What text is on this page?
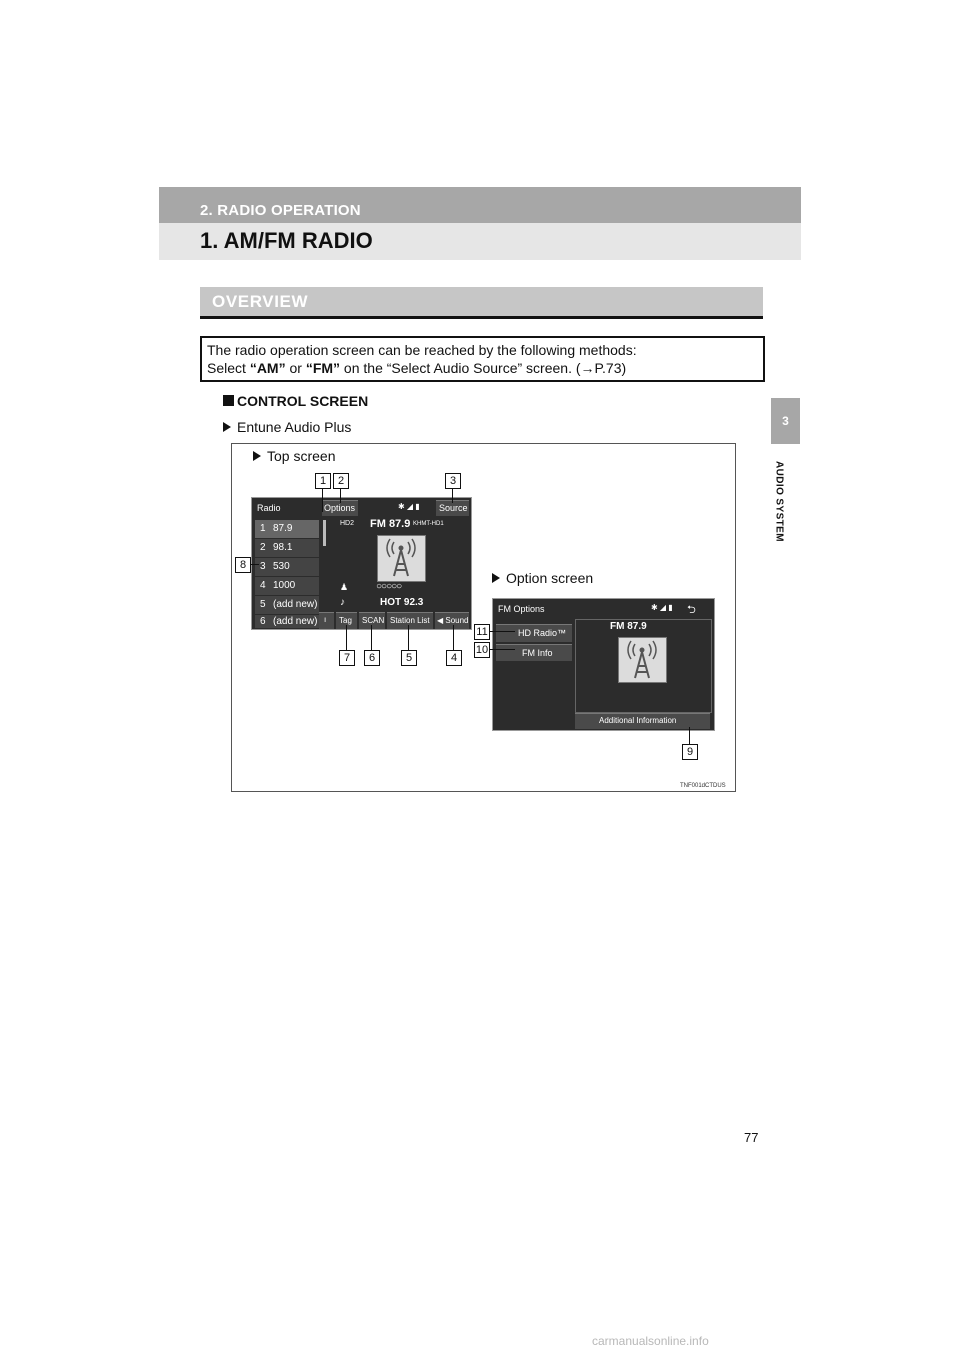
2. RADIO OPERATION
1. AM/FM RADIO
3
AUDIO SYSTEM
OVERVIEW
The radio operation screen can be reached by the following methods:
Select “AM” or “FM” on the “Select Audio Source” screen. (→P.73)
CONTROL SCREEN
Entune Audio Plus
Top screen
Option screen
TNF001dCTDUS
Radio	Options	Source
✱ ◢ ▮
1 87.9
2 98.1
3 530
4 1000
5 (add new)
6 (add new)
HD2 FM 87.9 KHMT-HD1
♟	○○○○○
♪	HOT 92.3
Tag SCAN Station List ◀ Sound
ı
FM Options	✱ ◢ ▮ ⮌
HD Radio™
FM Info
FM 87.9
Additional Information
1	2	3
8
7	6	5	4
11
10
9
77
carmanualsonline.info
